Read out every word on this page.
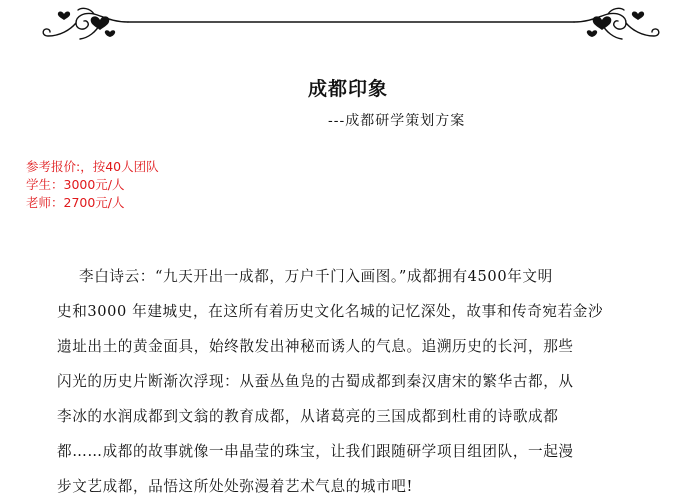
成都印象
---成都研学策划方案
参考报价:，按40人团队
学生：3000元/人
老师：2700元/人
李白诗云：“九天开出一成都，万户千门入画图。”成都拥有4500年文明
史和3000 年建城史，在这所有着历史文化名城的记忆深处，故事和传奇宛若金沙
遗址出土的黄金面具，始终散发出神秘而诱人的气息。追溯历史的长河，那些
闪光的历史片断渐次浮现：从蚕丛鱼凫的古蜀成都到秦汉唐宋的繁华古都，从
李冰的水润成都到文翁的教育成都，从诸葛亮的三国成都到杜甫的诗歌成都
都……成都的故事就像一串晶莹的珠宝，让我们跟随研学项目组团队，一起漫
步文艺成都，品悟这所处处弥漫着艺术气息的城市吧!
